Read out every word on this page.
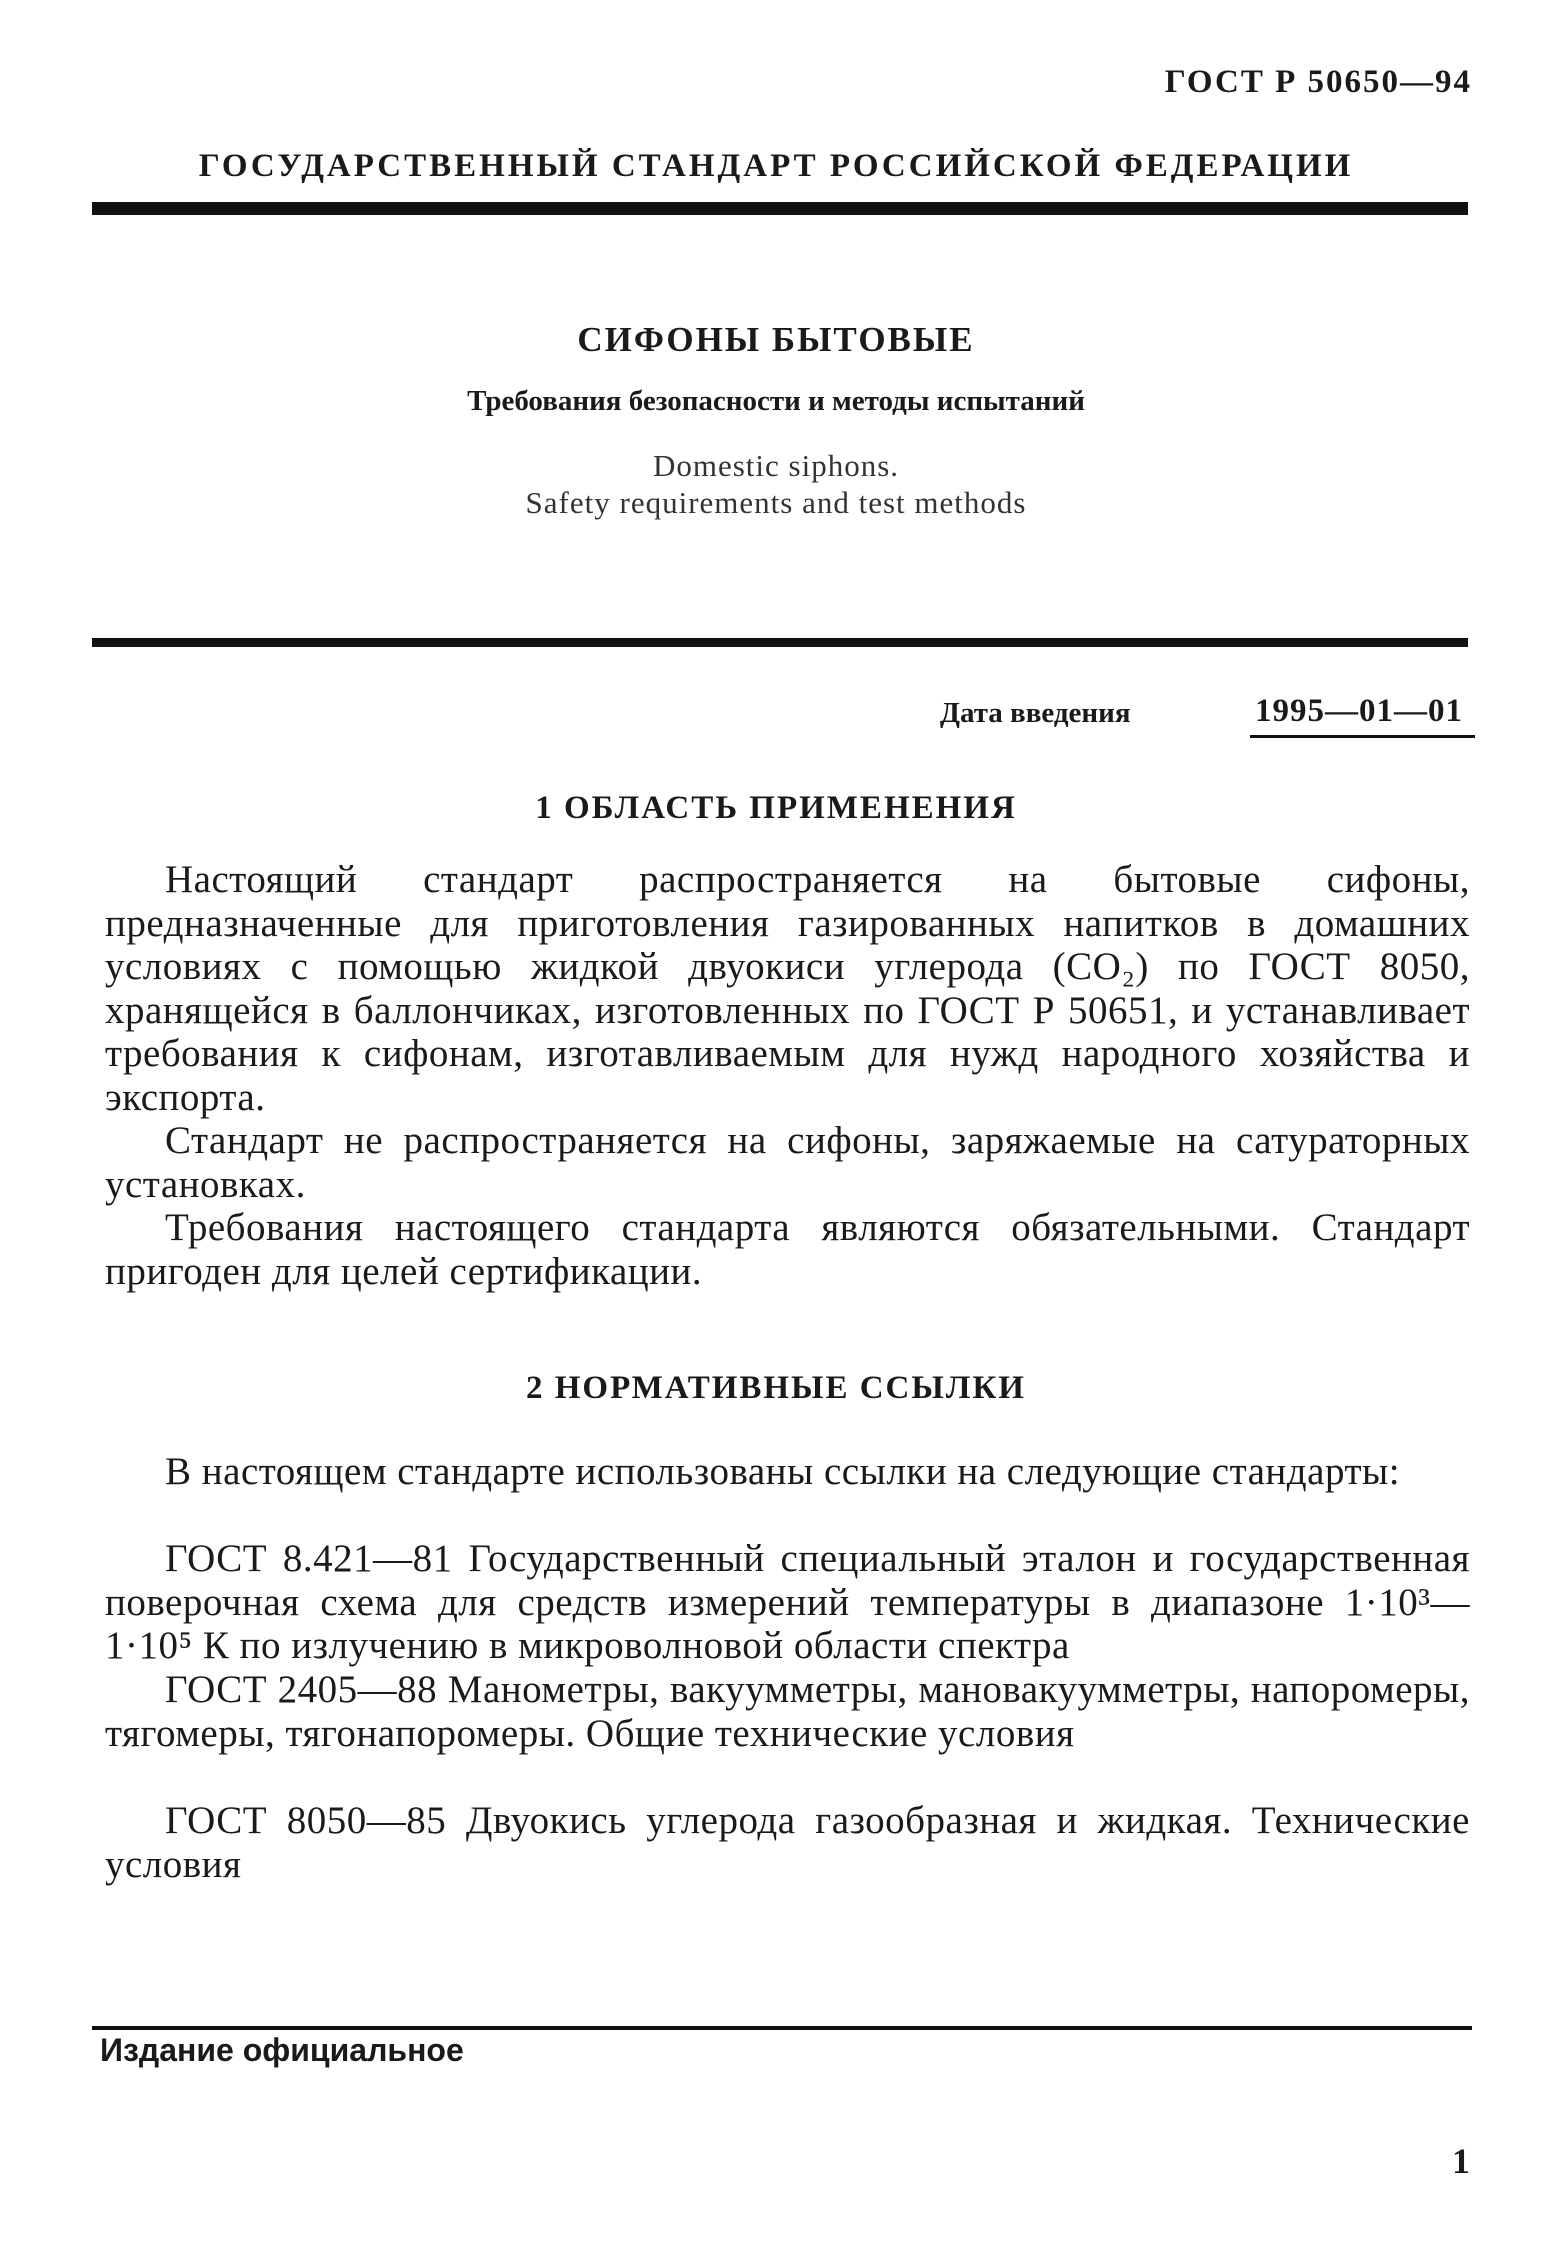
ГОСТ Р 50650—94
ГОСУДАРСТВЕННЫЙ СТАНДАРТ РОССИЙСКОЙ ФЕДЕРАЦИИ
СИФОНЫ БЫТОВЫЕ
Требования безопасности и методы испытаний
Domestic siphons.
Safety requirements and test methods
Дата введения	1995—01—01
1 ОБЛАСТЬ ПРИМЕНЕНИЯ
Настоящий стандарт распространяется на бытовые сифоны, предназначенные для приготовления газированных напитков в домашних условиях с помощью жидкой двуокиси углерода (CO₂) по ГОСТ 8050, хранящейся в баллончиках, изготовленных по ГОСТ Р 50651, и устанавливает требования к сифонам, изготавливаемым для нужд народного хозяйства и экспорта.
Стандарт не распространяется на сифоны, заряжаемые на сатураторных установках.
Требования настоящего стандарта являются обязательными. Стандарт пригоден для целей сертификации.
2 НОРМАТИВНЫЕ ССЫЛКИ
В настоящем стандарте использованы ссылки на следующие стандарты:
ГОСТ 8.421—81 Государственный специальный эталон и государственная поверочная схема для средств измерений температуры в диапазоне 1·10³—1·10⁵ К по излучению в микроволновой области спектра
ГОСТ 2405—88 Манометры, вакуумметры, мановакуумметры, напоромеры, тягомеры, тягонапоромеры. Общие технические условия
ГОСТ 8050—85 Двуокись углерода газообразная и жидкая. Технические условия
Издание официальное
1
